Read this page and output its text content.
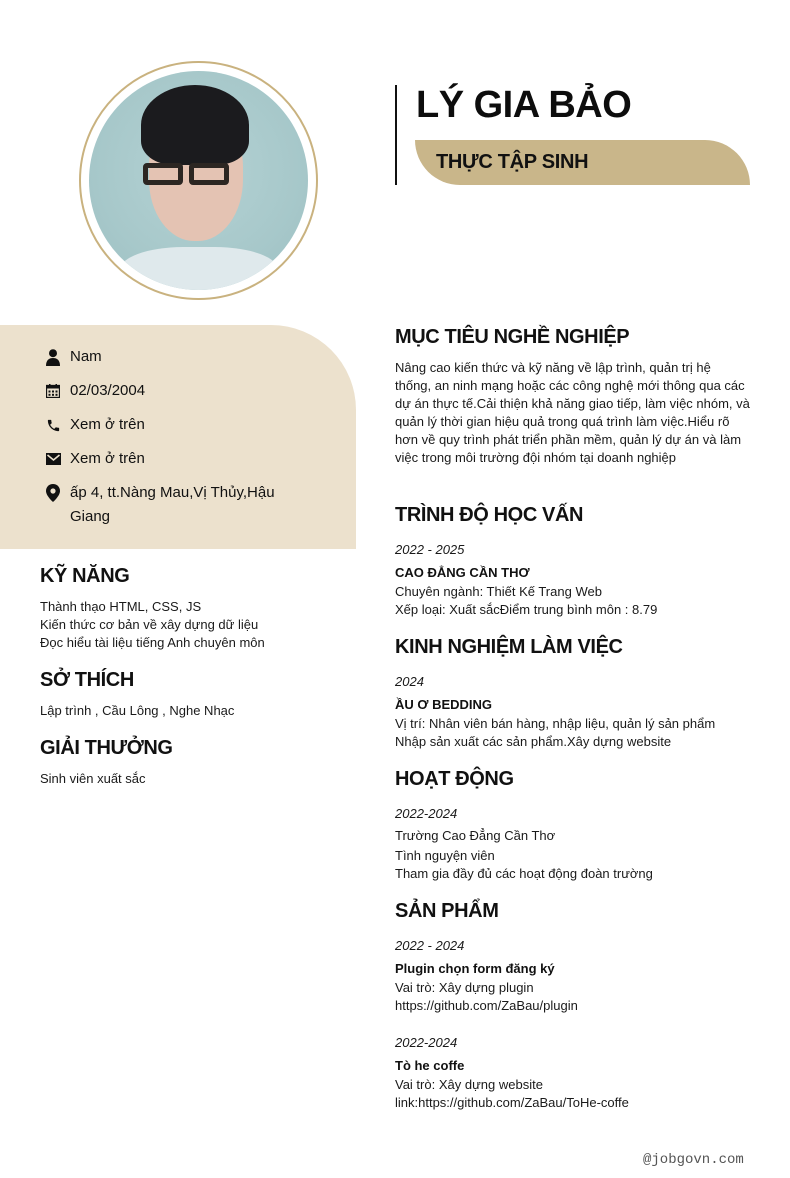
LÝ GIA BẢO
THỰC TẬP SINH
Nam
02/03/2004
Xem ở trên
Xem ở trên
ấp 4, tt.Nàng Mau,Vị Thủy,Hậu Giang
KỸ NĂNG
Thành thạo HTML, CSS, JS
Kiến thức cơ bản về xây dựng dữ liệu
Đọc hiểu tài liệu tiếng Anh chuyên môn
SỞ THÍCH
Lập trình , Cầu Lông , Nghe Nhạc
GIẢI THƯỞNG
Sinh viên xuất sắc
MỤC TIÊU NGHỀ NGHIỆP
Nâng cao kiến thức và kỹ năng về lập trình, quản trị hệ
thống, an ninh mạng hoặc các công nghệ mới thông qua các
dự án thực tế.Cải thiện khả năng giao tiếp, làm việc nhóm, và
quản lý thời gian hiệu quả trong quá trình làm việc.Hiểu rõ
hơn về quy trình phát triển phần mềm, quản lý dự án và làm
việc trong môi trường đội nhóm tại doanh nghiệp
TRÌNH ĐỘ HỌC VẤN
2022 - 2025
CAO ĐẲNG CẦN THƠ
Chuyên ngành: Thiết Kế Trang Web
Xếp loại: Xuất sắcĐiểm trung bình môn : 8.79
KINH NGHIỆM LÀM VIỆC
2024
ẦU Ơ BEDDING
Vị trí: Nhân viên bán hàng, nhập liệu, quản lý sản phẩm
Nhập sản xuất các sản phẩm.Xây dựng website
HOẠT ĐỘNG
2022-2024
Trường Cao Đẳng Cần Thơ
Tình nguyện viên
Tham gia đầy đủ các hoạt động đoàn trường
SẢN PHẨM
2022 - 2024
Plugin chọn form đăng ký
Vai trò: Xây dựng plugin
https://github.com/ZaBau/plugin
2022-2024
Tò he coffe
Vai trò: Xây dựng website
link:https://github.com/ZaBau/ToHe-coffe
@jobgovn.com
